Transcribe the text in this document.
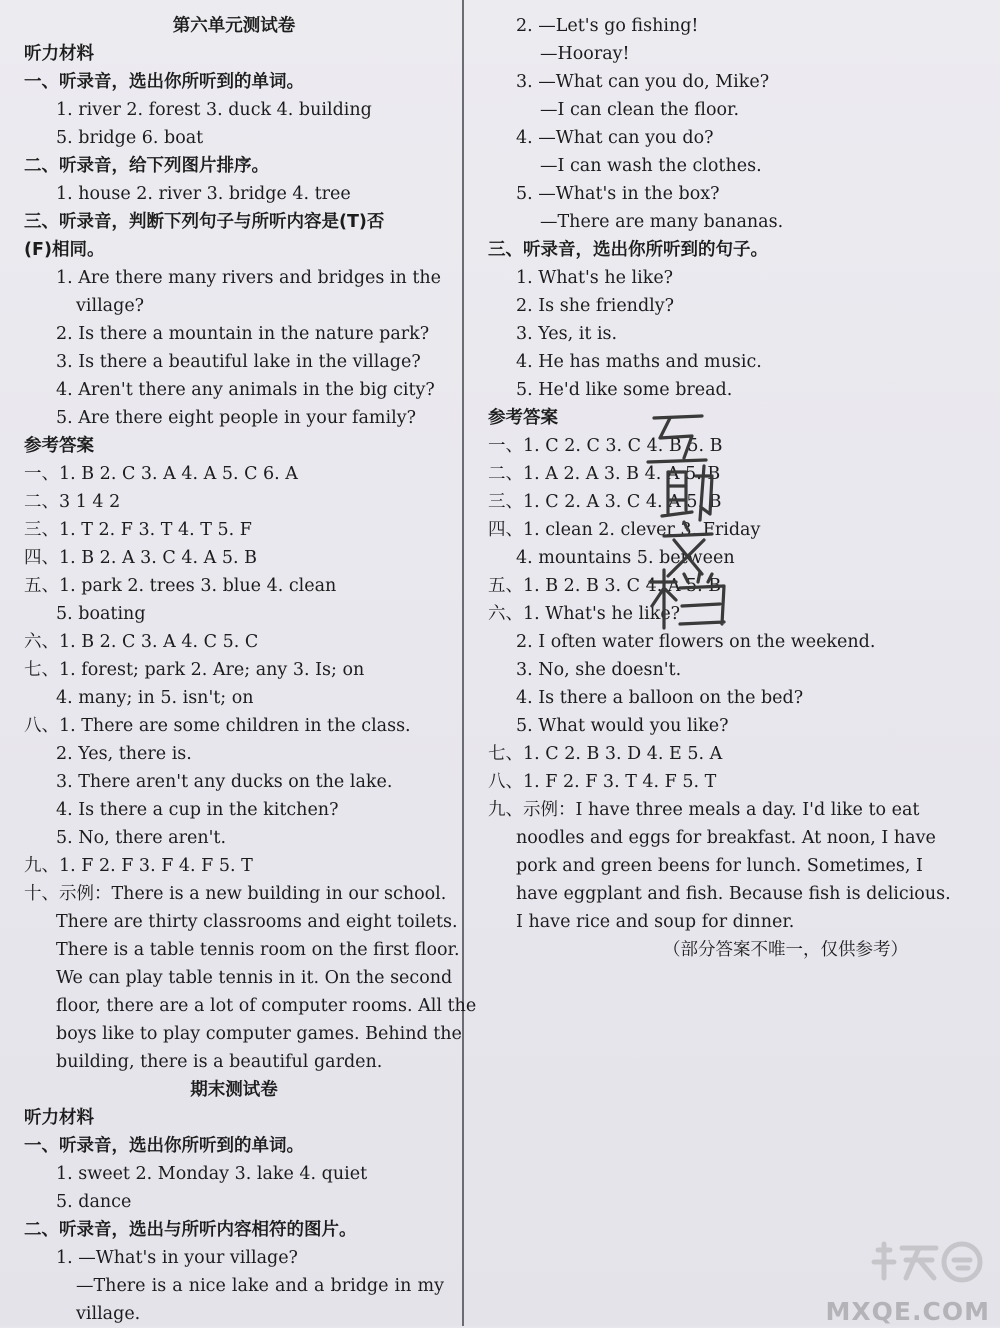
第六单元测试卷
听力材料
一、听录音，选出你所听到的单词。
1. river 2. forest 3. duck 4. building
5. bridge 6. boat
二、听录音，给下列图片排序。
1. house 2. river 3. bridge 4. tree
三、听录音，判断下列句子与所听内容是(T)否
(F)相同。
1. Are there many rivers and bridges in the
village?
2. Is there a mountain in the nature park?
3. Is there a beautiful lake in the village?
4. Aren't there any animals in the big city?
5. Are there eight people in your family?
参考答案
一、1. B 2. C 3. A 4. A 5. C 6. A
二、3 1 4 2
三、1. T 2. F 3. T 4. T 5. F
四、1. B 2. A 3. C 4. A 5. B
五、1. park 2. trees 3. blue 4. clean
5. boating
六、1. B 2. C 3. A 4. C 5. C
七、1. forest; park 2. Are; any 3. Is; on
4. many; in 5. isn't; on
八、1. There are some children in the class.
2. Yes, there is.
3. There aren't any ducks on the lake.
4. Is there a cup in the kitchen?
5. No, there aren't.
九、1. F 2. F 3. F 4. F 5. T
十、示例：There is a new building in our school.
There are thirty classrooms and eight toilets.
There is a table tennis room on the first floor.
We can play table tennis in it. On the second
floor, there are a lot of computer rooms. All the
boys like to play computer games. Behind the
building, there is a beautiful garden.
期末测试卷
听力材料
一、听录音，选出你所听到的单词。
1. sweet 2. Monday 3. lake 4. quiet
5. dance
二、听录音，选出与所听内容相符的图片。
1. —What's in your village?
—There is a nice lake and a bridge in my
village.
2. —Let's go fishing!
—Hooray!
3. —What can you do, Mike?
—I can clean the floor.
4. —What can you do?
—I can wash the clothes.
5. —What's in the box?
—There are many bananas.
三、听录音，选出你所听到的句子。
1. What's he like?
2. Is she friendly?
3. Yes, it is.
4. He has maths and music.
5. He'd like some bread.
参考答案
一、1. C 2. C 3. C 4. B 5. B
二、1. A 2. A 3. B 4. A 5. B
三、1. C 2. A 3. C 4. A 5. B
四、1. clean 2. clever 3. Friday
4. mountains 5. between
五、1. B 2. B 3. C 4. A 5. B
六、1. What's he like?
2. I often water flowers on the weekend.
3. No, she doesn't.
4. Is there a balloon on the bed?
5. What would you like?
七、1. C 2. B 3. D 4. E 5. A
八、1. F 2. F 3. T 4. F 5. T
九、示例：I have three meals a day. I'd like to eat
noodles and eggs for breakfast. At noon, I have
pork and green beens for lunch. Sometimes, I
have eggplant and fish. Because fish is delicious.
I have rice and soup for dinner.
（部分答案不唯一，仅供参考）
MXQE.COM
